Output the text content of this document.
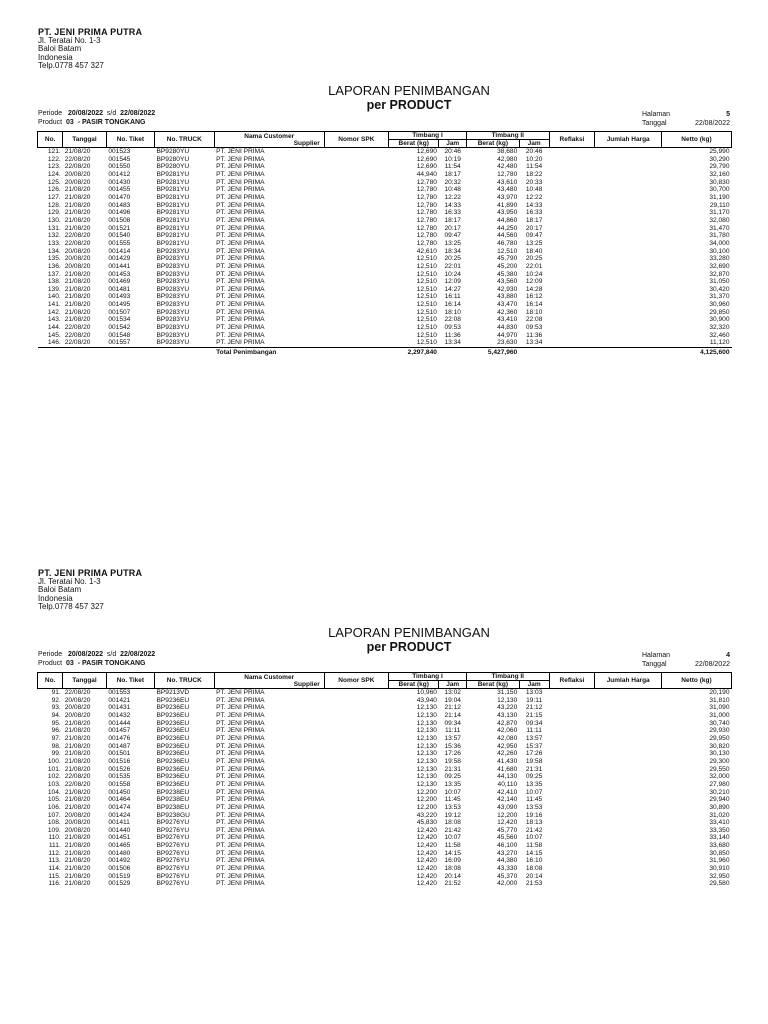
PT. JENI PRIMA PUTRA
Jl. Teratai No. 1-3
Baloi Batam
Indonesia
Telp.0778 457 327
LAPORAN PENIMBANGAN
per PRODUCT
Periode 20/08/2022 s/d 22/08/2022
Product 03 - PASIR TONGKANG
Halaman	5
Tanggal	22/08/2022
No.	Tanggal	No. Tiket	No. TRUCK	Nama Customer
Supplier	Nomor SPK	Timbang I		Timbang II		Reflaksi	Jumlah Harga	Netto (kg)
						Berat (kg)	Jam	Berat (kg)	Jam			
121.	21/08/20	001523	BP9280YU	PT. JENI PRIMA		12,690	20:46	38,680	20:46			25,990
122.	22/08/20	001545	BP9280YU	PT. JENI PRIMA		12,690	10:19	42,980	10:20			30,290
123.	22/08/20	001550	BP9280YU	PT. JENI PRIMA		12,690	11:54	42,480	11:54			29,790
124.	20/08/20	001412	BP9281YU	PT. JENI PRIMA		44,940	18:17	12,780	18:22			32,160
125.	20/08/20	001430	BP9281YU	PT. JENI PRIMA		12,780	20:32	43,610	20:33			30,830
126.	21/08/20	001455	BP9281YU	PT. JENI PRIMA		12,780	10:48	43,480	10:48			30,700
127.	21/08/20	001470	BP9281YU	PT. JENI PRIMA		12,780	12:22	43,970	12:22			31,190
128.	21/08/20	001483	BP9281YU	PT. JENI PRIMA		12,780	14:33	41,890	14:33			29,110
129.	21/08/20	001496	BP9281YU	PT. JENI PRIMA		12,780	16:33	43,950	16:33			31,170
130.	21/08/20	001508	BP9281YU	PT. JENI PRIMA		12,780	18:17	44,860	18:17			32,080
131.	21/08/20	001521	BP9281YU	PT. JENI PRIMA		12,780	20:17	44,250	20:17			31,470
132.	22/08/20	001540	BP9281YU	PT. JENI PRIMA		12,780	09:47	44,560	09:47			31,780
133.	22/08/20	001555	BP9281YU	PT. JENI PRIMA		12,780	13:25	46,780	13:25			34,000
134.	20/08/20	001414	BP9283YU	PT. JENI PRIMA		42,610	18:34	12,510	18:40			30,100
135.	20/08/20	001429	BP9283YU	PT. JENI PRIMA		12,510	20:25	45,790	20:25			33,280
136.	20/08/20	001441	BP9283YU	PT. JENI PRIMA		12,510	22:01	45,200	22:01			32,690
137.	21/08/20	001453	BP9283YU	PT. JENI PRIMA		12,510	10:24	45,380	10:24			32,870
138.	21/08/20	001469	BP9283YU	PT. JENI PRIMA		12,510	12:09	43,560	12:09			31,050
139.	21/08/20	001481	BP9283YU	PT. JENI PRIMA		12,510	14:27	42,930	14:28			30,420
140.	21/08/20	001493	BP9283YU	PT. JENI PRIMA		12,510	16:11	43,880	16:12			31,370
141.	21/08/20	001495	BP9283YU	PT. JENI PRIMA		12,510	16:14	43,470	16:14			30,960
142.	21/08/20	001507	BP9283YU	PT. JENI PRIMA		12,510	18:10	42,360	18:10			29,850
143.	21/08/20	001534	BP9283YU	PT. JENI PRIMA		12,510	22:08	43,410	22:08			30,900
144.	22/08/20	001542	BP9283YU	PT. JENI PRIMA		12,510	09:53	44,830	09:53			32,320
145.	22/08/20	001548	BP9283YU	PT. JENI PRIMA		12,510	11:36	44,970	11:36			32,460
146.	22/08/20	001557	BP9283YU	PT. JENI PRIMA		12,510	13:34	23,630	13:34			11,120
				Total Penimbangan		2,297,840		5,427,960				4,125,600
PT. JENI PRIMA PUTRA
Jl. Teratai No. 1-3
Baloi Batam
Indonesia
Telp.0778 457 327
LAPORAN PENIMBANGAN
per PRODUCT
Periode 20/08/2022 s/d 22/08/2022
Product 03 - PASIR TONGKANG
Halaman	4
Tanggal	22/08/2022
No.	Tanggal	No. Tiket	No. TRUCK	Nama Customer
Supplier	Nomor SPK	Timbang I		Timbang II		Reflaksi	Jumlah Harga	Netto (kg)
						Berat (kg)	Jam	Berat (kg)	Jam			
91.	22/08/20	001553	BP9213VD	PT. JENI PRIMA		10,960	13:02	31,150	13:03			20,190
92.	20/08/20	001421	BP9236EU	PT. JENI PRIMA		43,940	19:04	12,130	19:11			31,810
93.	20/08/20	001431	BP9236EU	PT. JENI PRIMA		12,130	21:12	43,220	21:12			31,090
94.	20/08/20	001432	BP9236EU	PT. JENI PRIMA		12,130	21:14	43,130	21:15			31,000
95.	21/08/20	001444	BP9236EU	PT. JENI PRIMA		12,130	09:34	42,870	09:34			30,740
96.	21/08/20	001457	BP9236EU	PT. JENI PRIMA		12,130	11:11	42,060	11:11			29,930
97.	21/08/20	001476	BP9236EU	PT. JENI PRIMA		12,130	13:57	42,080	13:57			29,950
98.	21/08/20	001487	BP9236EU	PT. JENI PRIMA		12,130	15:36	42,950	15:37			30,820
99.	21/08/20	001501	BP9236EU	PT. JENI PRIMA		12,130	17:26	42,260	17:26			30,130
100.	21/08/20	001516	BP9236EU	PT. JENI PRIMA		12,130	19:58	41,430	19:58			29,300
101.	21/08/20	001526	BP9236EU	PT. JENI PRIMA		12,130	21:31	41,680	21:31			29,550
102.	22/08/20	001535	BP9236EU	PT. JENI PRIMA		12,130	09:25	44,130	09:25			32,000
103.	22/08/20	001558	BP9236EU	PT. JENI PRIMA		12,130	13:35	40,110	13:35			27,980
104.	21/08/20	001450	BP9238EU	PT. JENI PRIMA		12,200	10:07	42,410	10:07			30,210
105.	21/08/20	001464	BP9238EU	PT. JENI PRIMA		12,200	11:45	42,140	11:45			29,940
106.	21/08/20	001474	BP9238EU	PT. JENI PRIMA		12,200	13:53	43,090	13:53			30,890
107.	20/08/20	001424	BP9238GU	PT. JENI PRIMA		43,220	19:12	12,200	19:16			31,020
108.	20/08/20	001411	BP9276YU	PT. JENI PRIMA		45,830	18:08	12,420	18:13			33,410
109.	20/08/20	001440	BP9276YU	PT. JENI PRIMA		12,420	21:42	45,770	21:42			33,350
110.	21/08/20	001451	BP9276YU	PT. JENI PRIMA		12,420	10:07	45,560	10:07			33,140
111.	21/08/20	001465	BP9276YU	PT. JENI PRIMA		12,420	11:58	46,100	11:58			33,680
112.	21/08/20	001480	BP9276YU	PT. JENI PRIMA		12,420	14:15	43,270	14:15			30,850
113.	21/08/20	001492	BP9276YU	PT. JENI PRIMA		12,420	16:09	44,380	16:10			31,960
114.	21/08/20	001506	BP9276YU	PT. JENI PRIMA		12,420	18:08	43,330	18:08			30,910
115.	21/08/20	001519	BP9276YU	PT. JENI PRIMA		12,420	20:14	45,370	20:14			32,950
116.	21/08/20	001529	BP9276YU	PT. JENI PRIMA		12,420	21:52	42,000	21:53			29,580
